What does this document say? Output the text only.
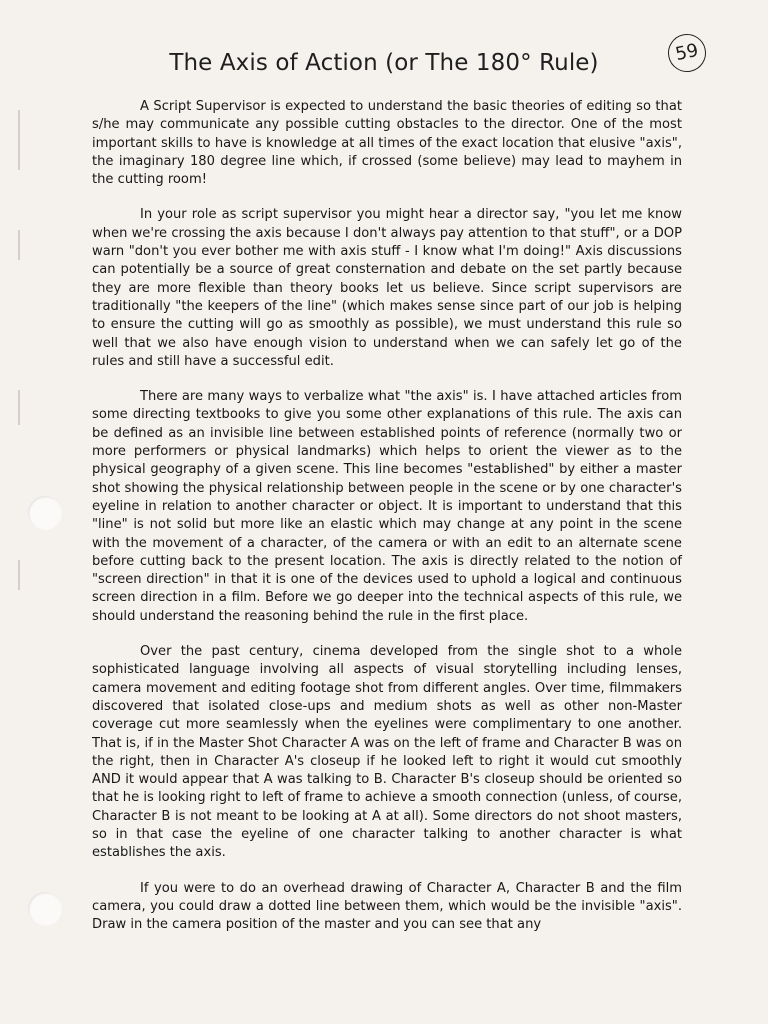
59
The Axis of Action (or The 180° Rule)

A Script Supervisor is expected to understand the basic theories of editing so that s/he may communicate any possible cutting obstacles to the director. One of the most important skills to have is knowledge at all times of the exact location that elusive "axis", the imaginary 180 degree line which, if crossed (some believe) may lead to mayhem in the cutting room!

In your role as script supervisor you might hear a director say, "you let me know when we're crossing the axis because I don't always pay attention to that stuff", or a DOP warn "don't you ever bother me with axis stuff - I know what I'm doing!" Axis discussions can potentially be a source of great consternation and debate on the set partly because they are more flexible than theory books let us believe. Since script supervisors are traditionally "the keepers of the line" (which makes sense since part of our job is helping to ensure the cutting will go as smoothly as possible), we must understand this rule so well that we also have enough vision to understand when we can safely let go of the rules and still have a successful edit.

There are many ways to verbalize what "the axis" is. I have attached articles from some directing textbooks to give you some other explanations of this rule. The axis can be defined as an invisible line between established points of reference (normally two or more performers or physical landmarks) which helps to orient the viewer as to the physical geography of a given scene. This line becomes "established" by either a master shot showing the physical relationship between people in the scene or by one character's eyeline in relation to another character or object. It is important to understand that this "line" is not solid but more like an elastic which may change at any point in the scene with the movement of a character, of the camera or with an edit to an alternate scene before cutting back to the present location. The axis is directly related to the notion of "screen direction" in that it is one of the devices used to uphold a logical and continuous screen direction in a film. Before we go deeper into the technical aspects of this rule, we should understand the reasoning behind the rule in the first place.

Over the past century, cinema developed from the single shot to a whole sophisticated language involving all aspects of visual storytelling including lenses, camera movement and editing footage shot from different angles. Over time, filmmakers discovered that isolated close-ups and medium shots as well as other non-Master coverage cut more seamlessly when the eyelines were complimentary to one another. That is, if in the Master Shot Character A was on the left of frame and Character B was on the right, then in Character A's closeup if he looked left to right it would cut smoothly AND it would appear that A was talking to B. Character B's closeup should be oriented so that he is looking right to left of frame to achieve a smooth connection (unless, of course, Character B is not meant to be looking at A at all). Some directors do not shoot masters, so in that case the eyeline of one character talking to another character is what establishes the axis.

If you were to do an overhead drawing of Character A, Character B and the film camera, you could draw a dotted line between them, which would be the invisible "axis". Draw in the camera position of the master and you can see that any
